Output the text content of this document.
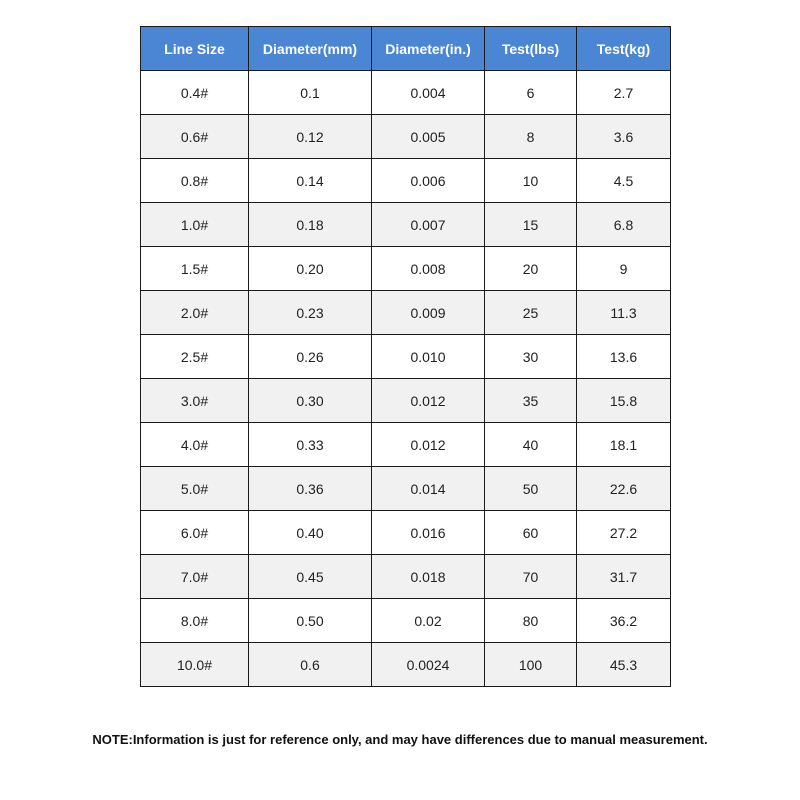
Line Size	Diameter(mm)	Diameter(in.)	Test(lbs)	Test(kg)
0.4#	0.1	0.004	6	2.7
0.6#	0.12	0.005	8	3.6
0.8#	0.14	0.006	10	4.5
1.0#	0.18	0.007	15	6.8
1.5#	0.20	0.008	20	9
2.0#	0.23	0.009	25	11.3
2.5#	0.26	0.010	30	13.6
3.0#	0.30	0.012	35	15.8
4.0#	0.33	0.012	40	18.1
5.0#	0.36	0.014	50	22.6
6.0#	0.40	0.016	60	27.2
7.0#	0.45	0.018	70	31.7
8.0#	0.50	0.02	80	36.2
10.0#	0.6	0.0024	100	45.3
NOTE:Information is just for reference only, and may have differences due to manual measurement.
